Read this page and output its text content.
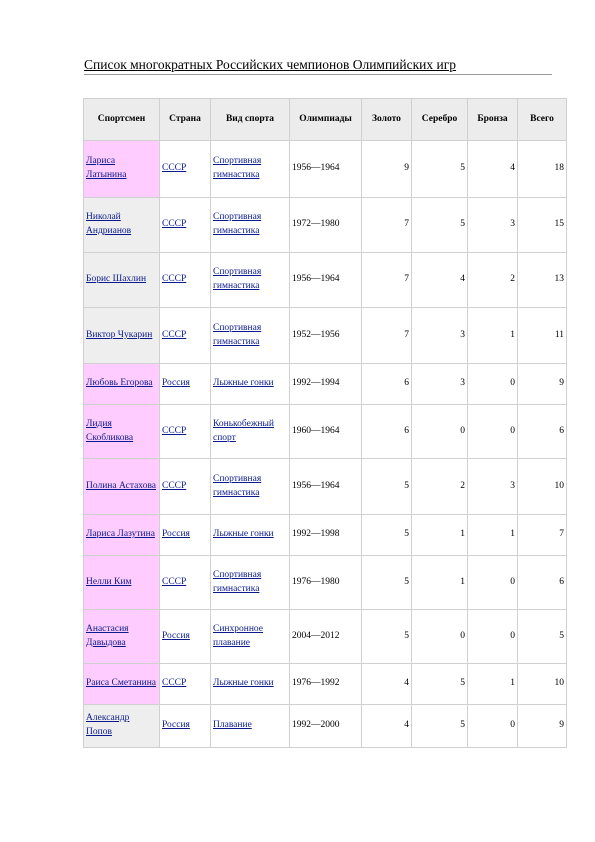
Список многократных Российских чемпионов Олимпийских игр
Спортсмен	Страна	Вид спорта	Олимпиады	Золото	Серебро	Бронза	Всего
Лариса Латынина	СССР	Спортивная гимнастика	1956—1964	9	5	4	18
Николай Андрианов	СССР	Спортивная гимнастика	1972—1980	7	5	3	15
Борис Шахлин	СССР	Спортивная гимнастика	1956—1964	7	4	2	13
Виктор Чукарин	СССР	Спортивная гимнастика	1952—1956	7	3	1	11
Любовь Егорова	Россия	Лыжные гонки	1992—1994	6	3	0	9
Лидия Скобликова	СССР	Конькобежный спорт	1960—1964	6	0	0	6
Полина Астахова	СССР	Спортивная гимнастика	1956—1964	5	2	3	10
Лариса Лазутина	Россия	Лыжные гонки	1992—1998	5	1	1	7
Нелли Ким	СССР	Спортивная гимнастика	1976—1980	5	1	0	6
Анастасия Давыдова	Россия	Синхронное плавание	2004—2012	5	0	0	5
Раиса Сметанина	СССР	Лыжные гонки	1976—1992	4	5	1	10
Александр Попов	Россия	Плавание	1992—2000	4	5	0	9
